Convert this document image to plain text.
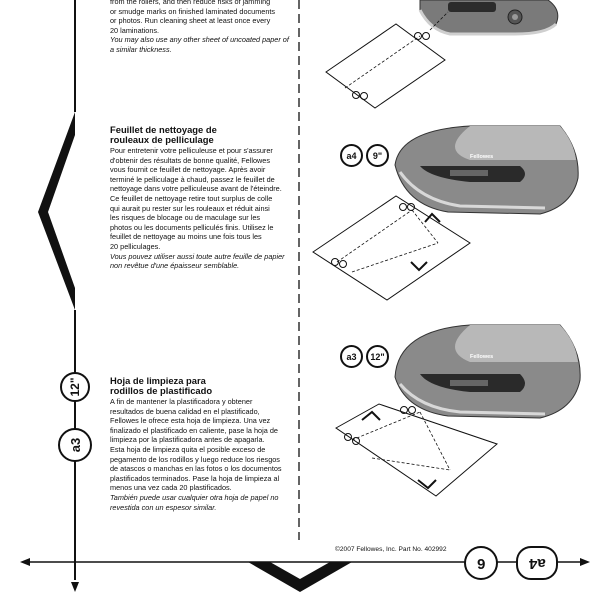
Fellowes
Fellowes

from the rollers, and then reduce risks of jamming

or smudge marks on finished laminated documents

or photos. Run cleaning sheet at least once every

20 laminations.

You may also use any other sheet of uncoated paper of

a similar thickness.

Feuillet de nettoyage de
rouleaux de pelliculage

Pour entretenir votre pelliculeuse et pour s'assurer

d'obtenir des résultats de bonne qualité, Fellowes

vous fournit ce feuillet de nettoyage. Après avoir

terminé le pelliculage à chaud, passez le feuillet de

nettoyage dans votre pelliculeuse avant de l'éteindre.

Ce feuillet de nettoyage retire tout surplus de colle

qui aurait pu rester sur les rouleaux et réduit ainsi

les risques de blocage ou de maculage sur les

photos ou les documents pelliculés finis. Utilisez le

feuillet de nettoyage au moins une fois tous les

20 pelliculages.

Vous pouvez utiliser aussi toute autre feuille de papier

non revêtue d'une épaisseur semblable.

Hoja de limpieza para
rodillos de plastificado

A fin de mantener la plastificadora y obtener

resultados de buena calidad en el plastificado,

Fellowes le ofrece esta hoja de limpieza. Una vez

finalizado el plastificado en caliente, pase la hoja de

limpieza por la plastificadora antes de apagarla.

Esta hoja de limpieza quita el posible exceso de

pegamento de los rodillos y luego reduce los riesgos

de atascos o manchas en las fotos o los documentos

plastificados terminados. Pase la hoja de limpieza al

menos una vez cada 20 plastificados.

También puede usar cualquier otra hoja de papel no

revestida con un espesor similar.

a4 9"
a3 12"
12"
a3
6	a4
©2007 Fellowes, Inc. Part No. 402992
